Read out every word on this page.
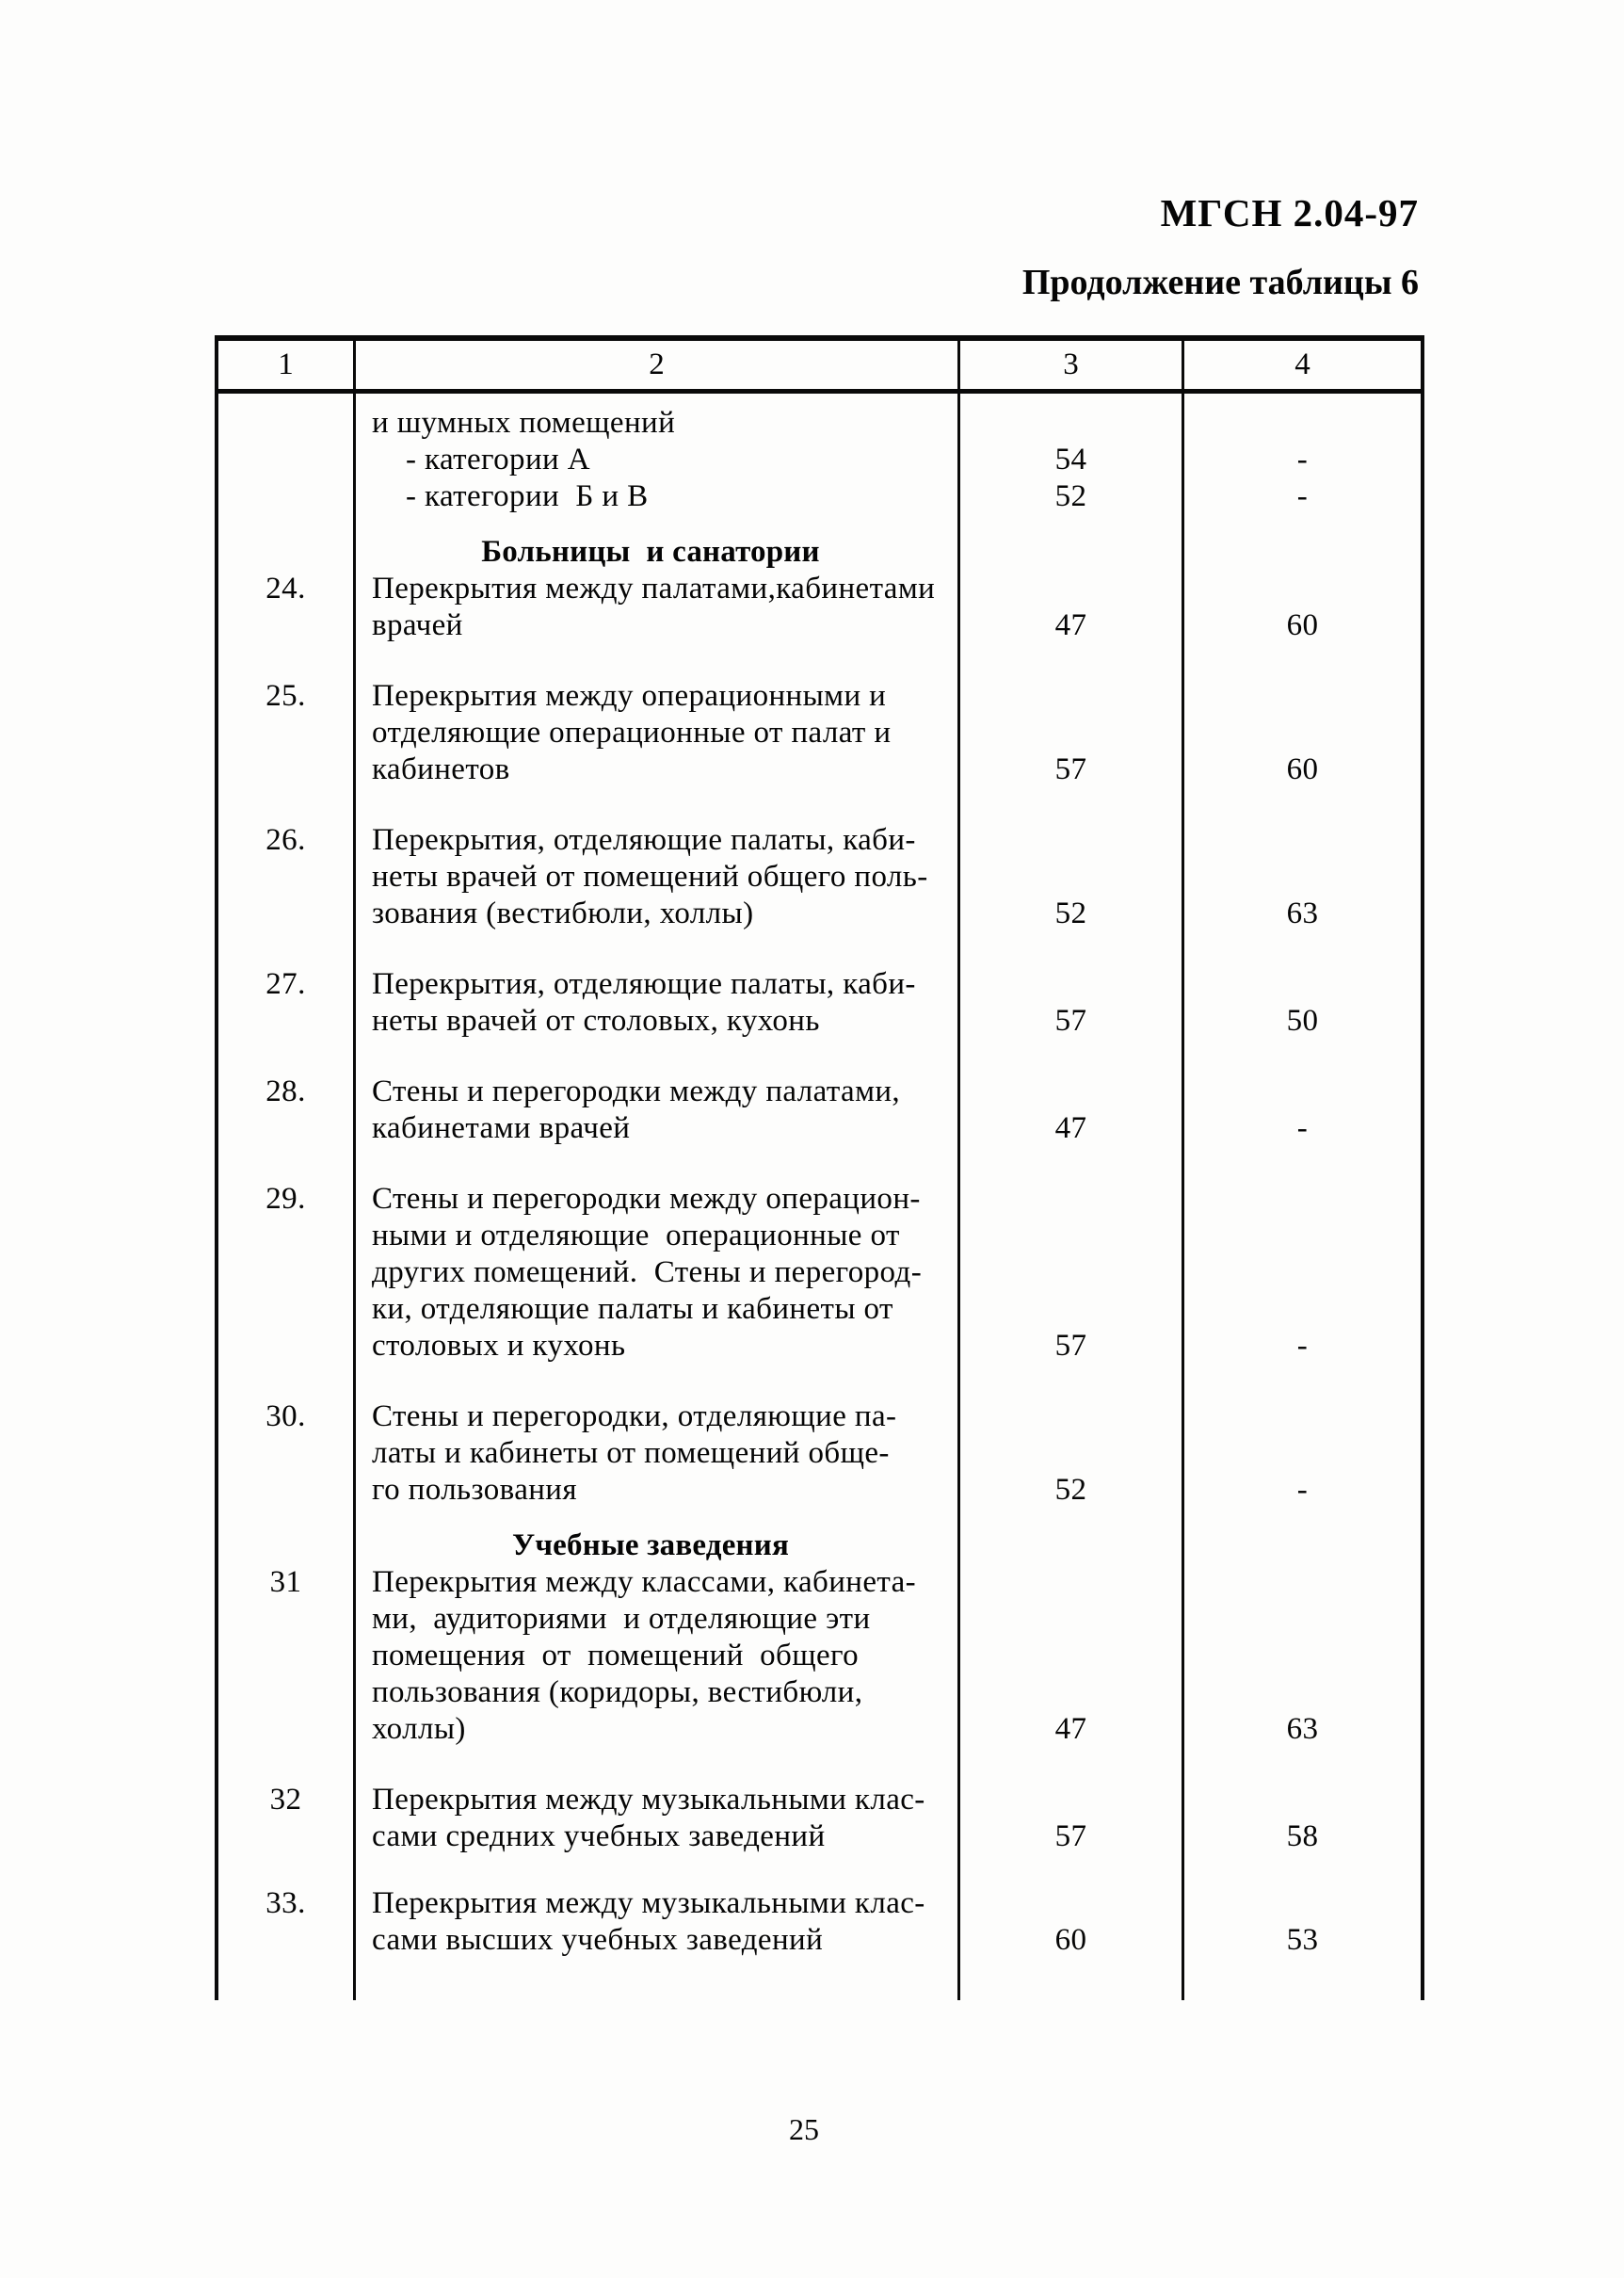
МГСН 2.04-97
Продолжение таблицы 6
1	2	3	4
и шумных помещений
- категории А	54	-
- категории  Б и В	52	-
Больницы  и санатории
24.	Перекрытия между палатами,кабинетами
врачей	47	60
25.	Перекрытия между операционными и
отделяющие операционные от палат и
кабинетов	57	60
26.	Перекрытия, отделяющие палаты, каби-
неты врачей от помещений общего поль-
зования (вестибюли, холлы)	52	63
27.	Перекрытия, отделяющие палаты, каби-
неты врачей от столовых, кухонь	57	50
28.	Стены и перегородки между палатами,
кабинетами врачей	47	-
29.	Стены и перегородки между операцион-
ными и отделяющие  операционные от
других помещений.  Стены и перегород-
ки, отделяющие палаты и кабинеты от
столовых и кухонь	57	-
30.	Стены и перегородки, отделяющие па-
латы и кабинеты от помещений обще-
го пользования	52	-
Учебные заведения
31	Перекрытия между классами, кабинета-
ми,  аудиториями  и отделяющие эти
помещения  от  помещений  общего
пользования (коридоры, вестибюли,
холлы)	47	63
32	Перекрытия между музыкальными клас-
сами средних учебных заведений	57	58
33.	Перекрытия между музыкальными клас-
сами высших учебных заведений	60	53
25
